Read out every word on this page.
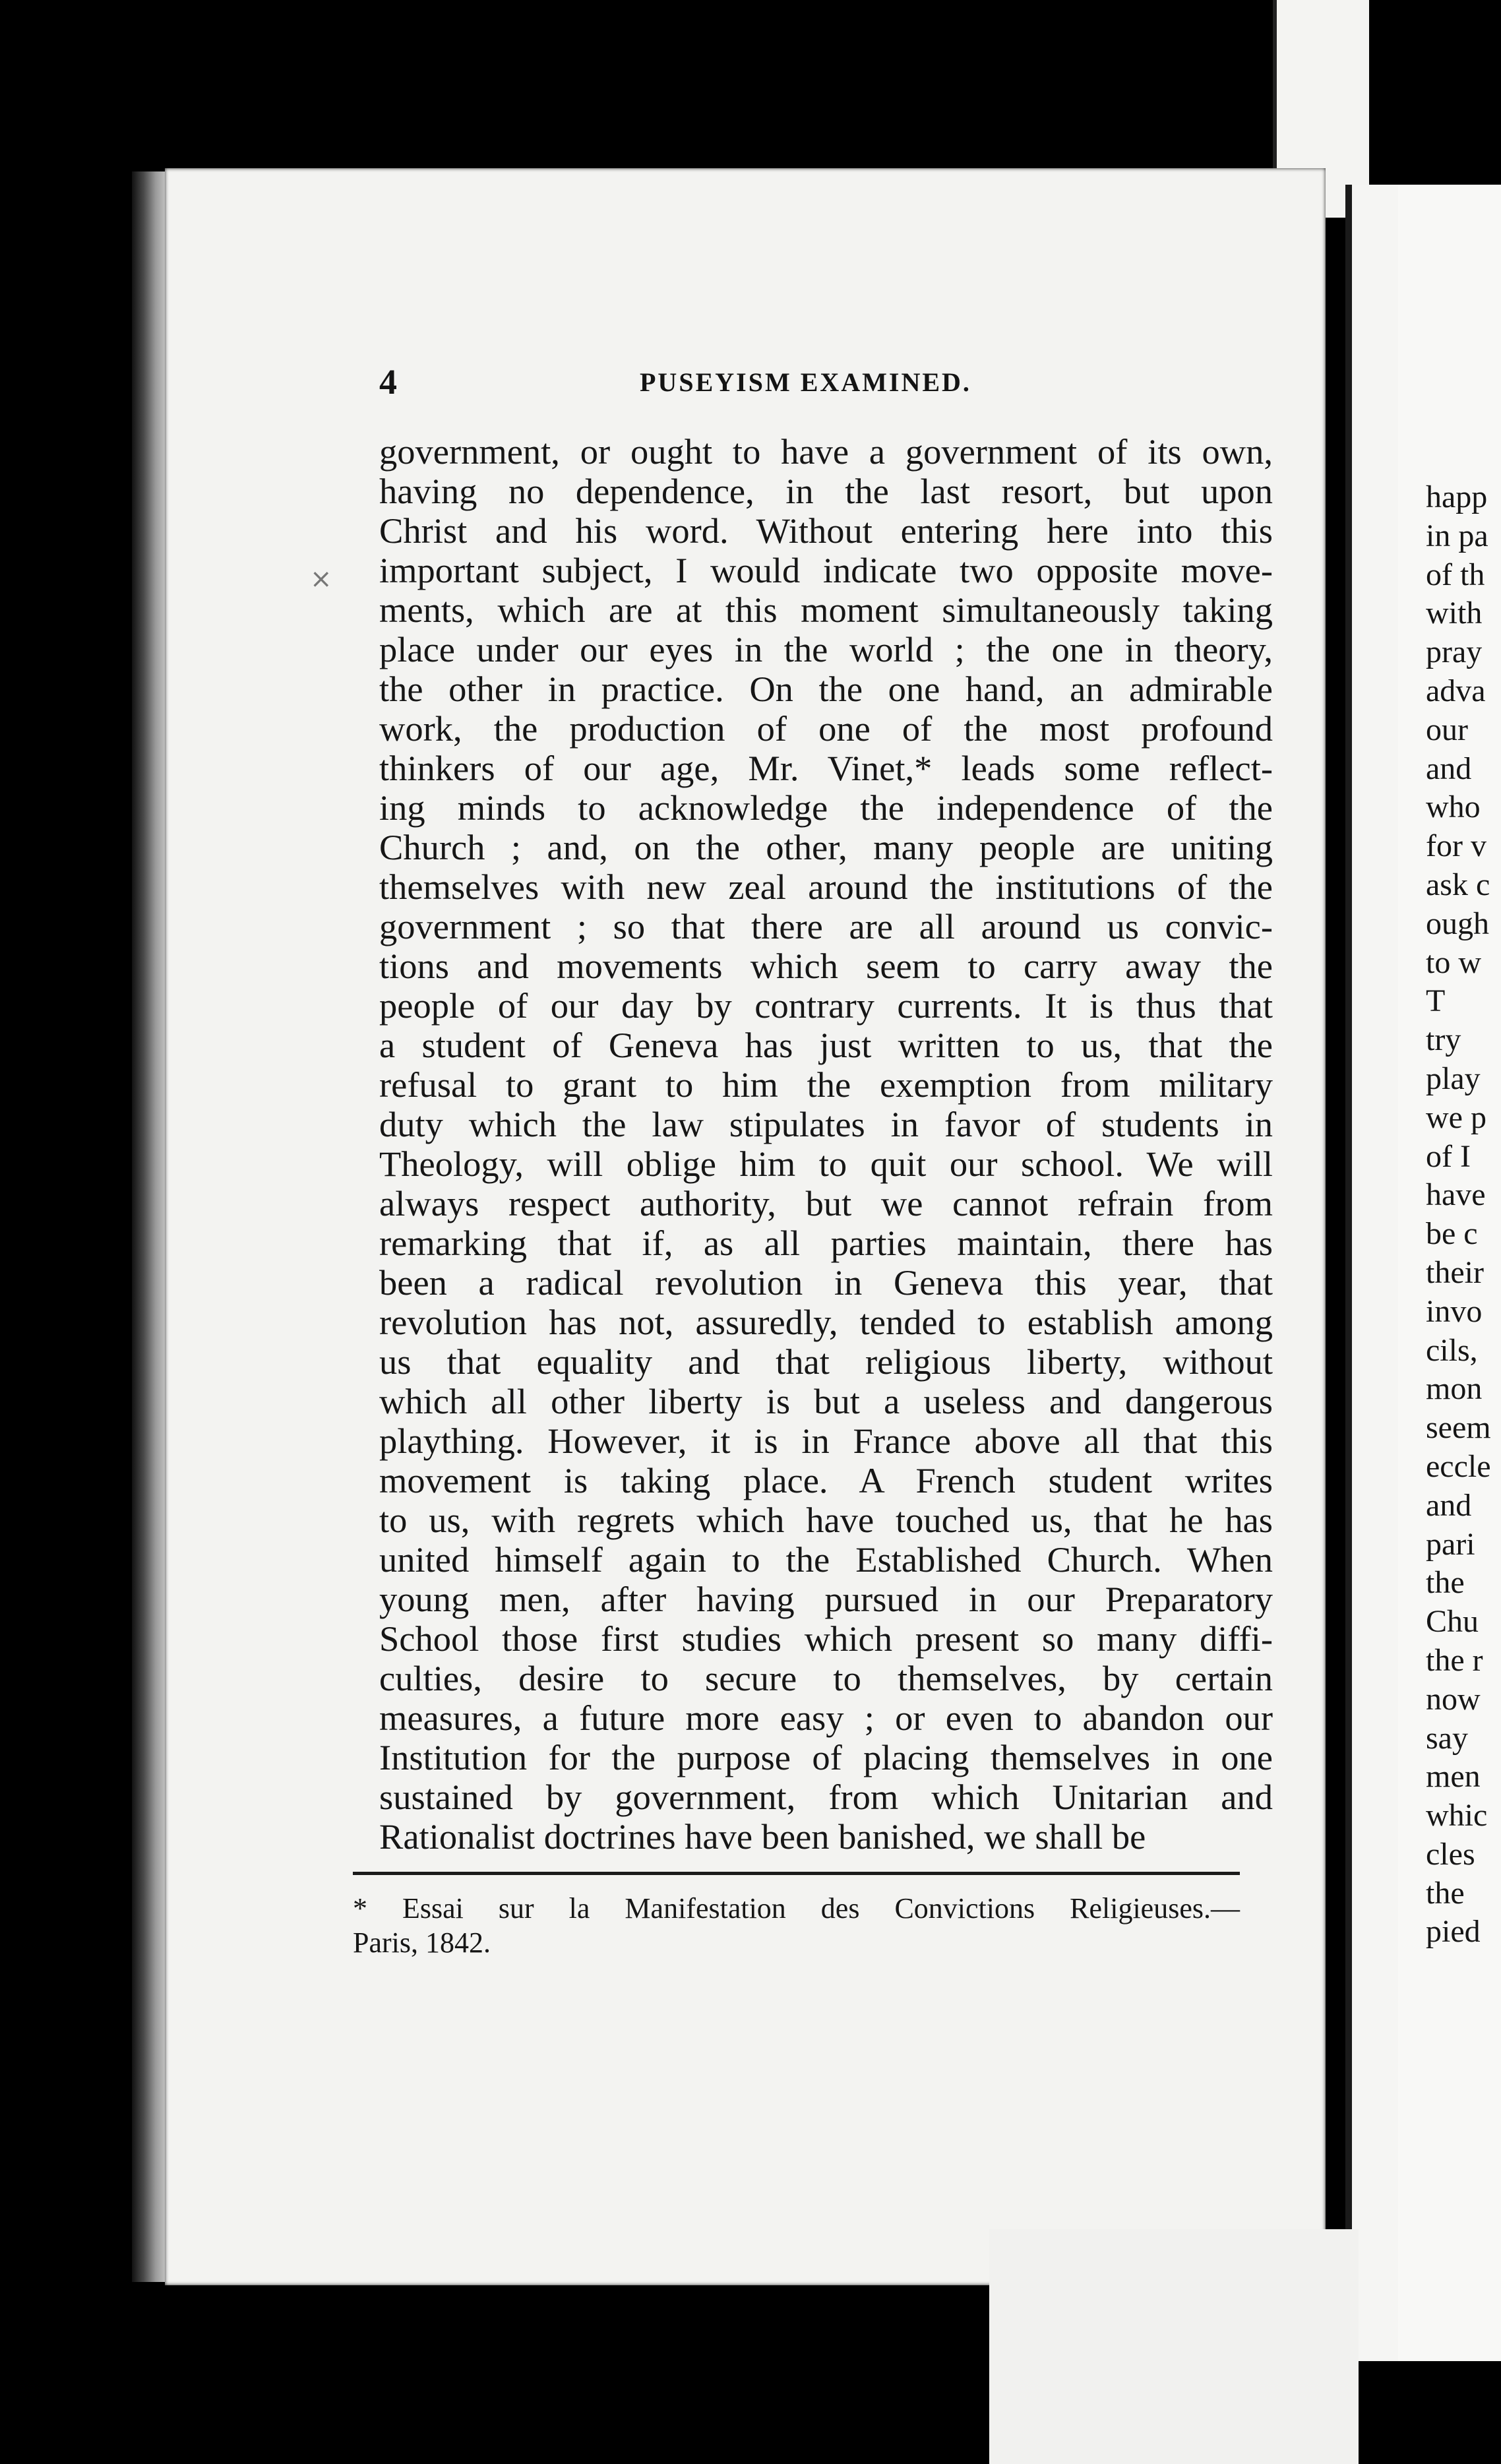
4	PUSEYISM EXAMINED.
×
government, or ought to have a government of its own,
having no dependence, in the last resort, but upon
Christ and his word. Without entering here into this
important subject, I would indicate two opposite move-
ments, which are at this moment simultaneously taking
place under our eyes in the world ; the one in theory,
the other in practice. On the one hand, an admirable
work, the production of one of the most profound
thinkers of our age, Mr. Vinet,* leads some reflect-
ing minds to acknowledge the independence of the
Church ; and, on the other, many people are uniting
themselves with new zeal around the institutions of the
government ; so that there are all around us convic-
tions and movements which seem to carry away the
people of our day by contrary currents. It is thus that
a student of Geneva has just written to us, that the
refusal to grant to him the exemption from military
duty which the law stipulates in favor of students in
Theology, will oblige him to quit our school. We will
always respect authority, but we cannot refrain from
remarking that if, as all parties maintain, there has
been a radical revolution in Geneva this year, that
revolution has not, assuredly, tended to establish among
us that equality and that religious liberty, without
which all other liberty is but a useless and dangerous
plaything. However, it is in France above all that this
movement is taking place. A French student writes
to us, with regrets which have touched us, that he has
united himself again to the Established Church. When
young men, after having pursued in our Preparatory
School those first studies which present so many diffi-
culties, desire to secure to themselves, by certain
measures, a future more easy ; or even to abandon our
Institution for the purpose of placing themselves in one
sustained by government, from which Unitarian and
Rationalist doctrines have been banished, we shall be
* Essai sur la Manifestation des Convictions Religieuses.—
Paris, 1842.
happ
in pa
of th
with
pray
adva
our
and
who
for v
ask c
ough
to w
T
try
play
we p
of I
have
be c
their
invo
cils,
mon
seem
eccle
and
pari
the
Chu
the r
now
say
men
whic
cles
the
pied
